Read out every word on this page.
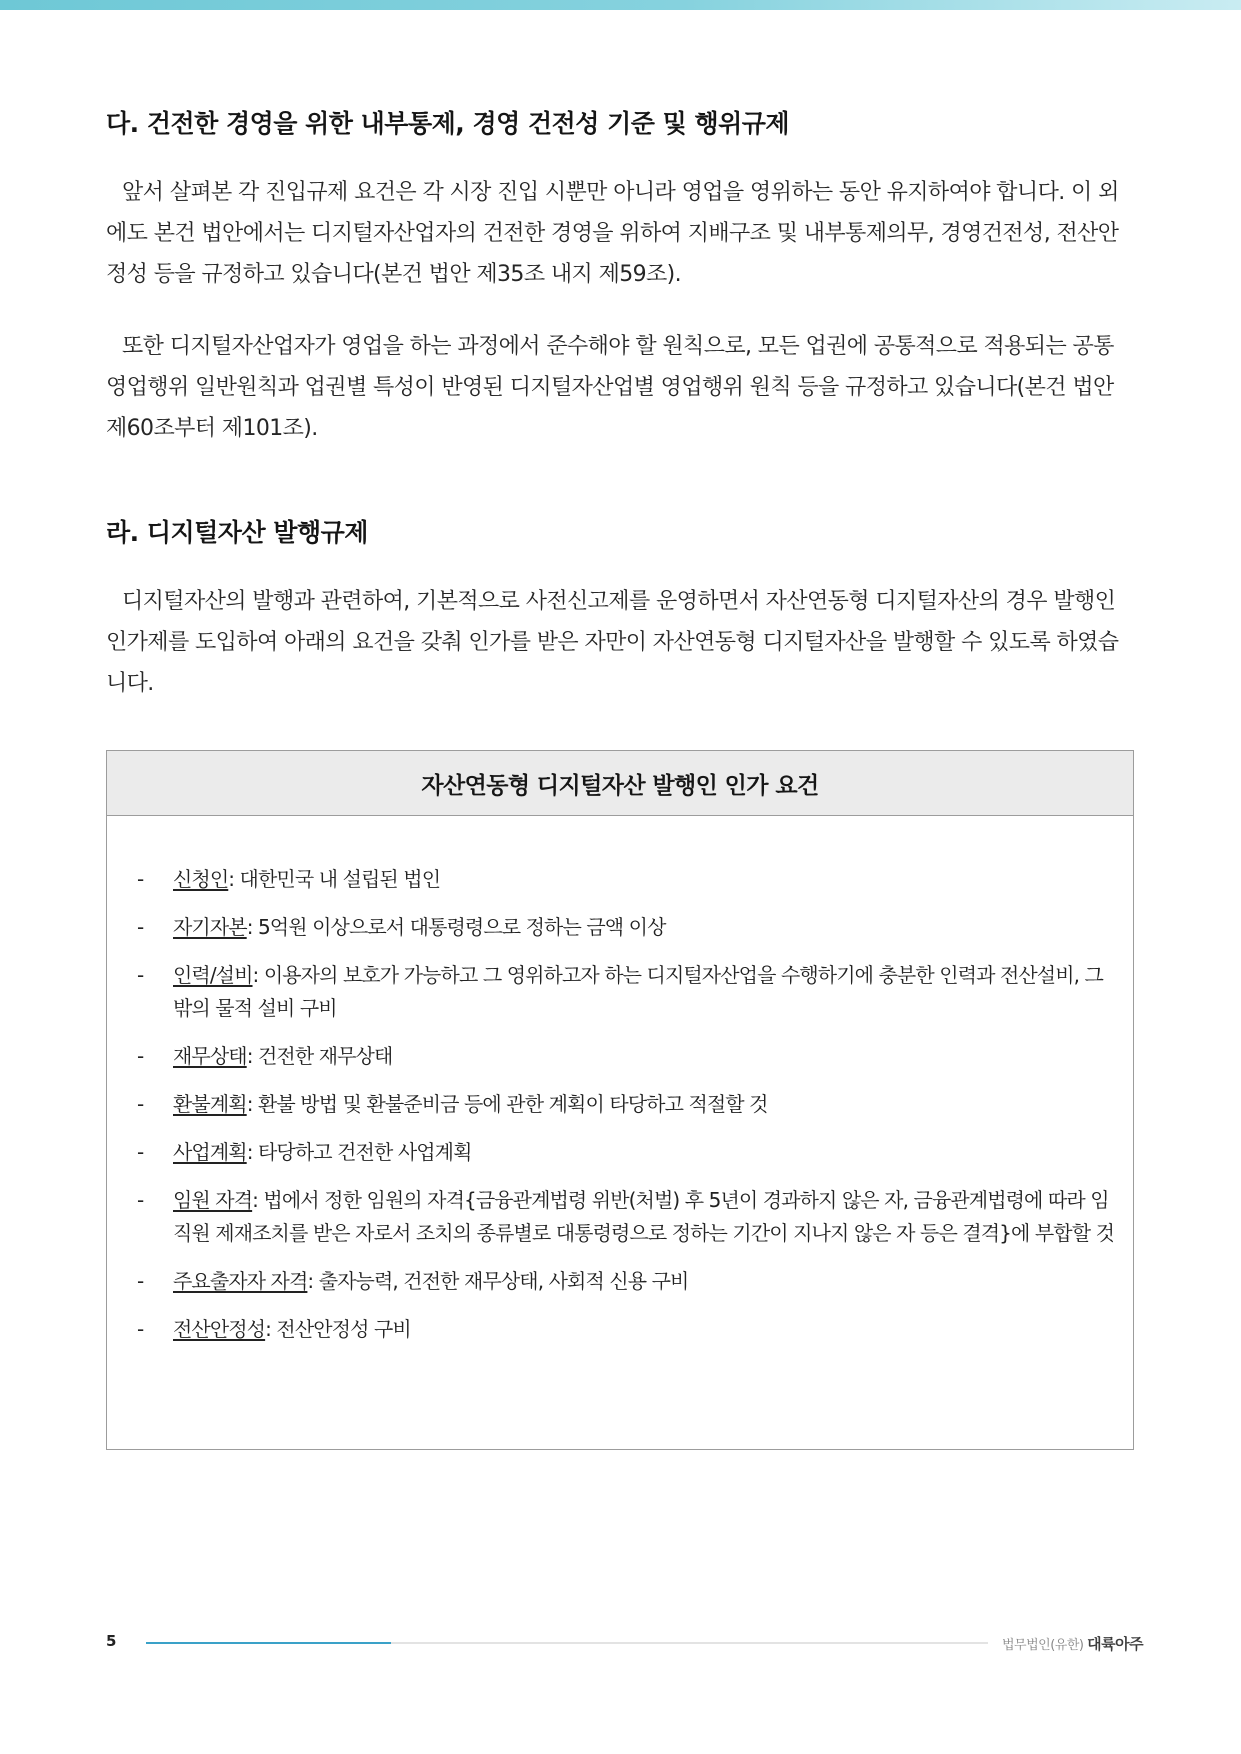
다. 건전한 경영을 위한 내부통제, 경영 건전성 기준 및 행위규제

앞서 살펴본 각 진입규제 요건은 각 시장 진입 시뿐만 아니라 영업을 영위하는 동안 유지하여야 합니다. 이 외에도 본건 법안에서는 디지털자산업자의 건전한 경영을 위하여 지배구조 및 내부통제의무, 경영건전성, 전산안정성 등을 규정하고 있습니다(본건 법안 제35조 내지 제59조).

또한 디지털자산업자가 영업을 하는 과정에서 준수해야 할 원칙으로, 모든 업권에 공통적으로 적용되는 공통 영업행위 일반원칙과 업권별 특성이 반영된 디지털자산업별 영업행위 원칙 등을 규정하고 있습니다(본건 법안 제60조부터 제101조).

라. 디지털자산 발행규제

디지털자산의 발행과 관련하여, 기본적으로 사전신고제를 운영하면서 자산연동형 디지털자산의 경우 발행인 인가제를 도입하여 아래의 요건을 갖춰 인가를 받은 자만이 자산연동형 디지털자산을 발행할 수 있도록 하였습니다.

자산연동형 디지털자산 발행인 인가 요건
- 신청인: 대한민국 내 설립된 법인
- 자기자본: 5억원 이상으로서 대통령령으로 정하는 금액 이상
- 인력/설비: 이용자의 보호가 가능하고 그 영위하고자 하는 디지털자산업을 수행하기에 충분한 인력과 전산설비, 그 밖의 물적 설비 구비
- 재무상태: 건전한 재무상태
- 환불계획: 환불 방법 및 환불준비금 등에 관한 계획이 타당하고 적절할 것
- 사업계획: 타당하고 건전한 사업계획
- 임원 자격: 법에서 정한 임원의 자격{금융관계법령 위반(처벌) 후 5년이 경과하지 않은 자, 금융관계법령에 따라 임직원 제재조치를 받은 자로서 조치의 종류별로 대통령령으로 정하는 기간이 지나지 않은 자 등은 결격}에 부합할 것
- 주요출자자 자격: 출자능력, 건전한 재무상태, 사회적 신용 구비
- 전산안정성: 전산안정성 구비
5	법무법인(유한) 대륙아주
